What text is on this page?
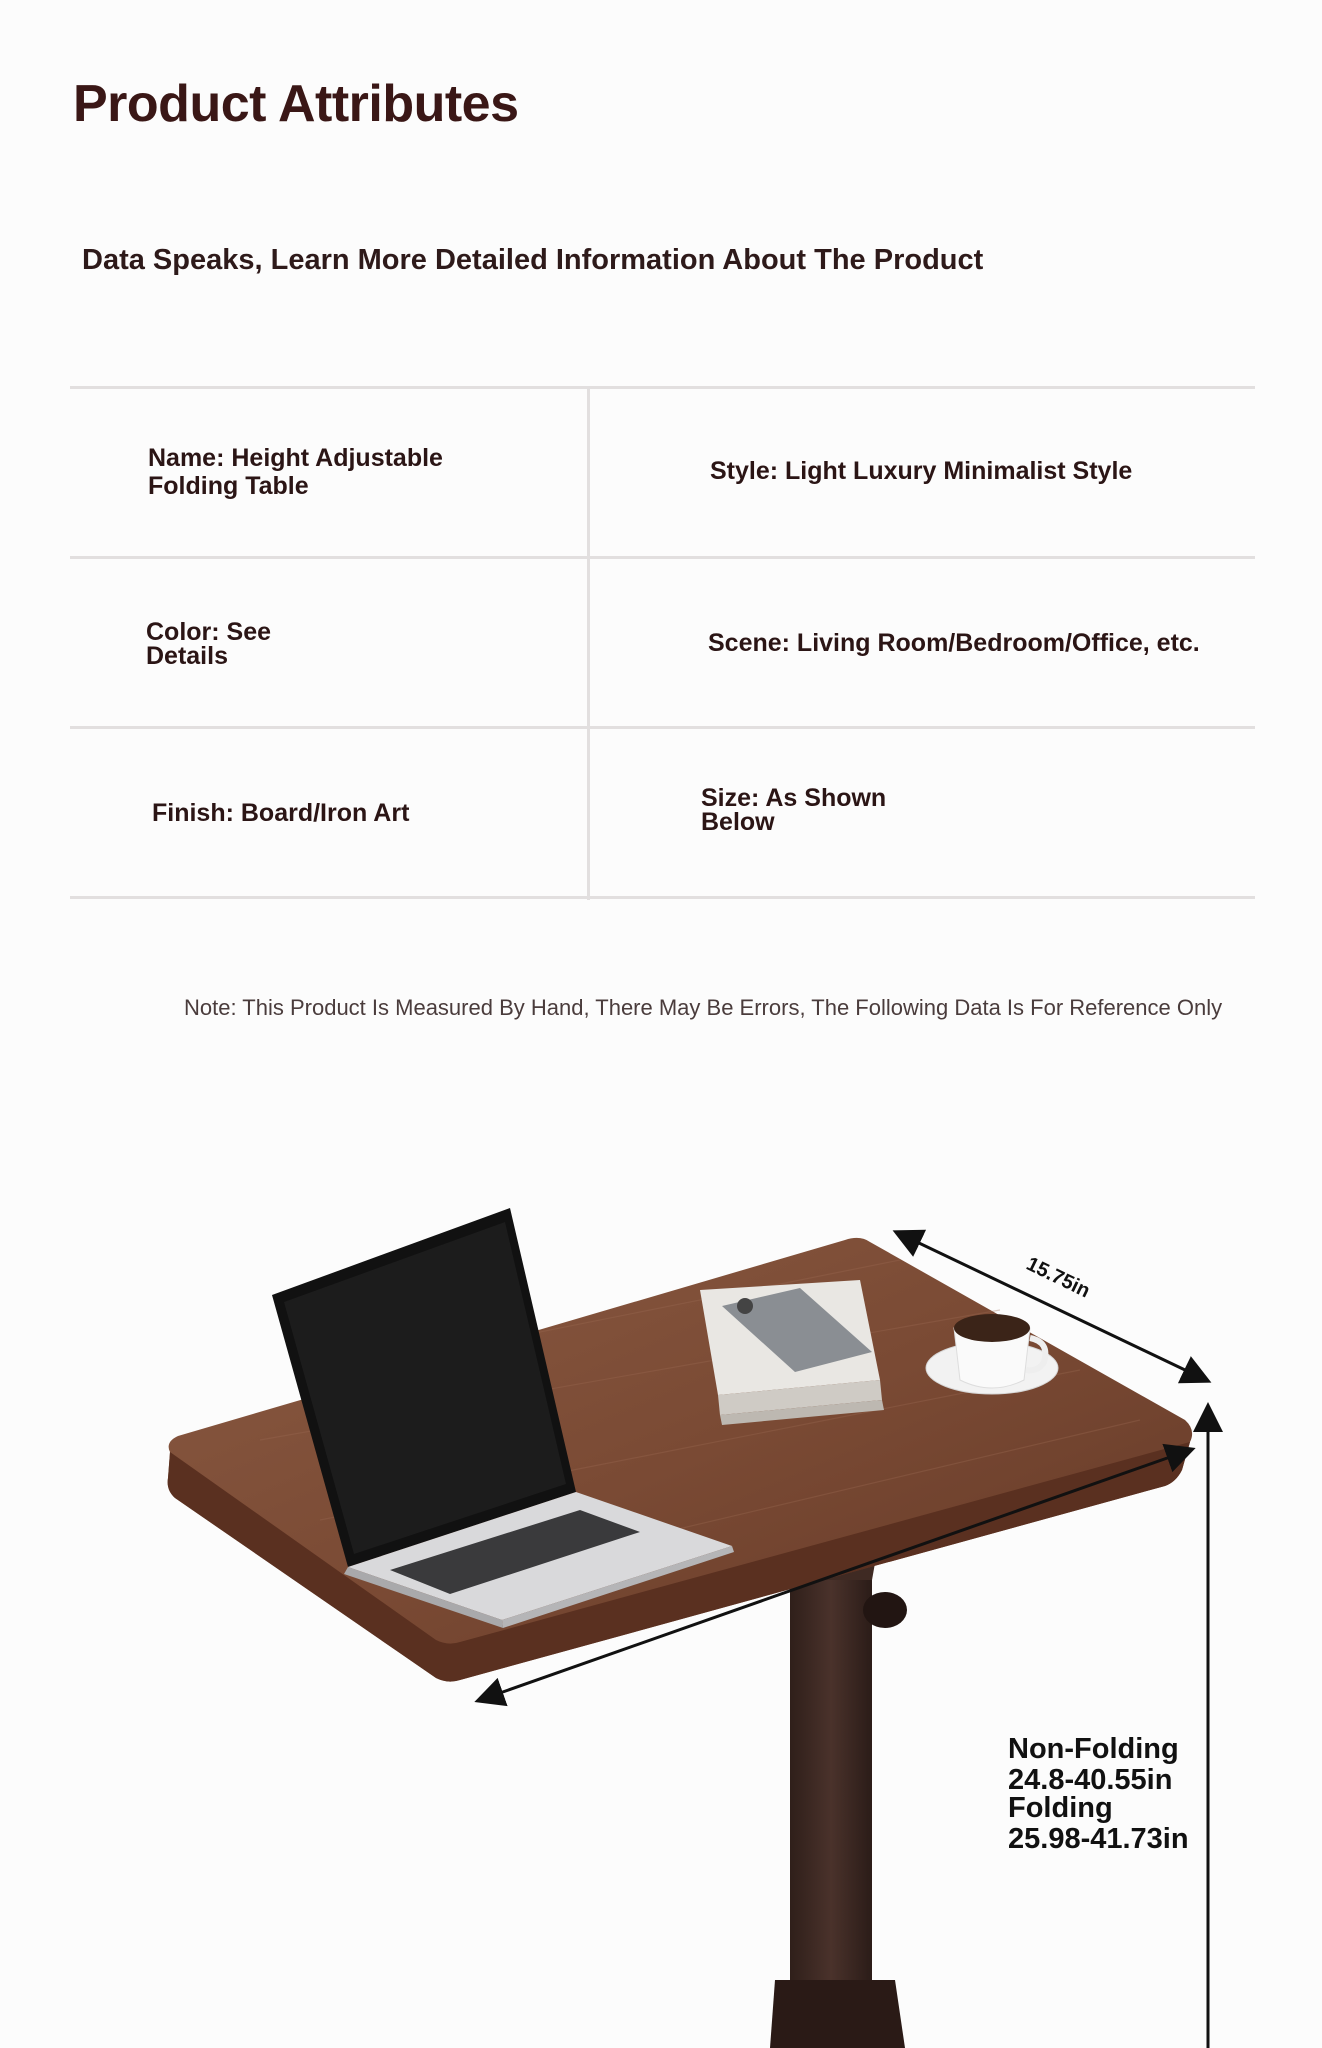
Product Attributes
Data Speaks, Learn More Detailed Information About The Product
Name: Height Adjustable
Folding Table
Style: Light Luxury Minimalist Style
Color: See
Details	Scene: Living Room/Bedroom/Office, etc.
Finish: Board/Iron Art
Size: As Shown
Below

Note: This Product Is Measured By Hand, There May Be Errors, The Following Data Is For Reference Only

15.75in
Non-Folding
24.8-40.55in
Folding
25.98-41.73in
